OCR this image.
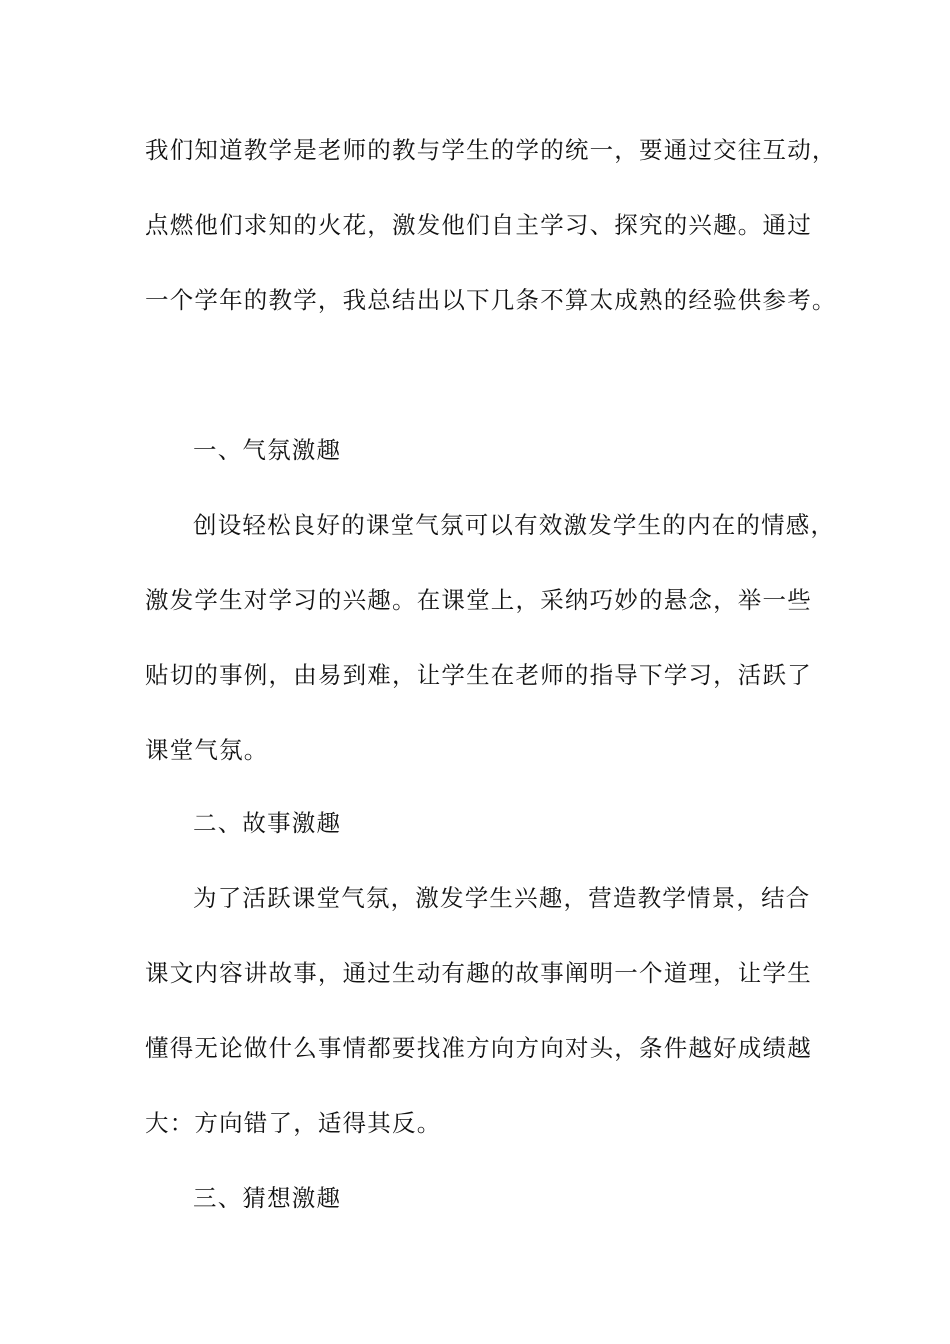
我们知道教学是老师的教与学生的学的统一，要通过交往互动，
点燃他们求知的火花，激发他们自主学习、探究的兴趣。通过
一个学年的教学，我总结出以下几条不算太成熟的经验供参考。
一、气氛激趣
创设轻松良好的课堂气氛可以有效激发学生的内在的情感，
激发学生对学习的兴趣。在课堂上，采纳巧妙的悬念，举一些
贴切的事例，由易到难，让学生在老师的指导下学习，活跃了
课堂气氛。
二、故事激趣
为了活跃课堂气氛，激发学生兴趣，营造教学情景，结合
课文内容讲故事，通过生动有趣的故事阐明一个道理，让学生
懂得无论做什么事情都要找准方向方向对头，条件越好成绩越
大：方向错了，适得其反。
三、猜想激趣
